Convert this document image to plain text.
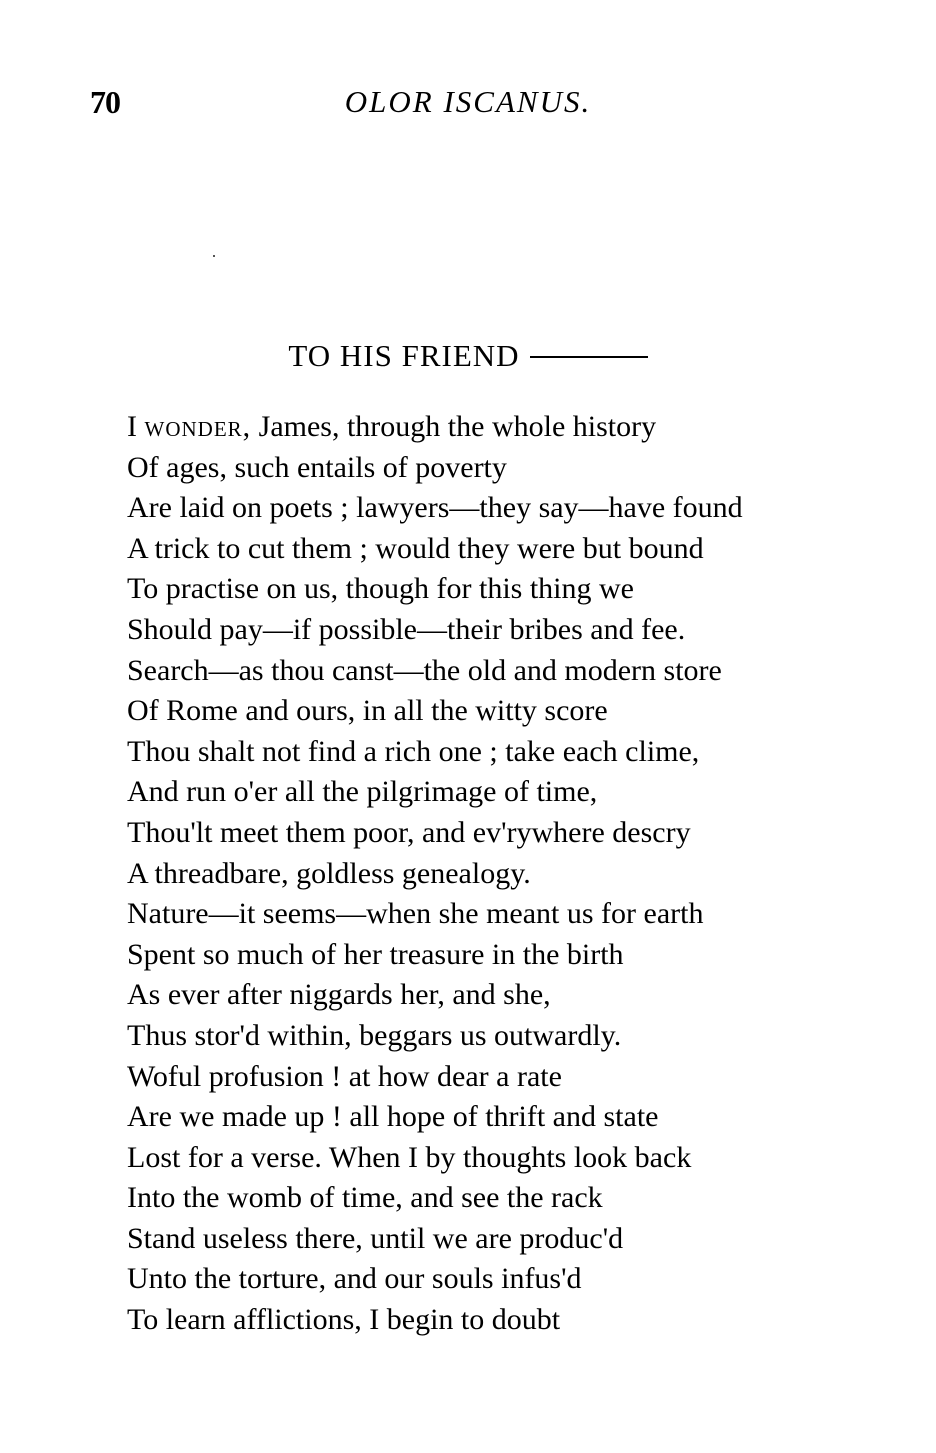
70	OLOR ISCANUS.
TO HIS FRIEND
I wonder, James, through the whole history
Of ages, such entails of poverty
Are laid on poets ; lawyers—they say—have found
A trick to cut them ; would they were but bound
To practise on us, though for this thing we
Should pay—if possible—their bribes and fee.
Search—as thou canst—the old and modern store
Of Rome and ours, in all the witty score
Thou shalt not find a rich one ; take each clime,
And run o'er all the pilgrimage of time,
Thou'lt meet them poor, and ev'rywhere descry
A threadbare, goldless genealogy.
Nature—it seems—when she meant us for earth
Spent so much of her treasure in the birth
As ever after niggards her, and she,
Thus stor'd within, beggars us outwardly.
Woful profusion ! at how dear a rate
Are we made up ! all hope of thrift and state
Lost for a verse. When I by thoughts look back
Into the womb of time, and see the rack
Stand useless there, until we are produc'd
Unto the torture, and our souls infus'd
To learn afflictions, I begin to doubt
